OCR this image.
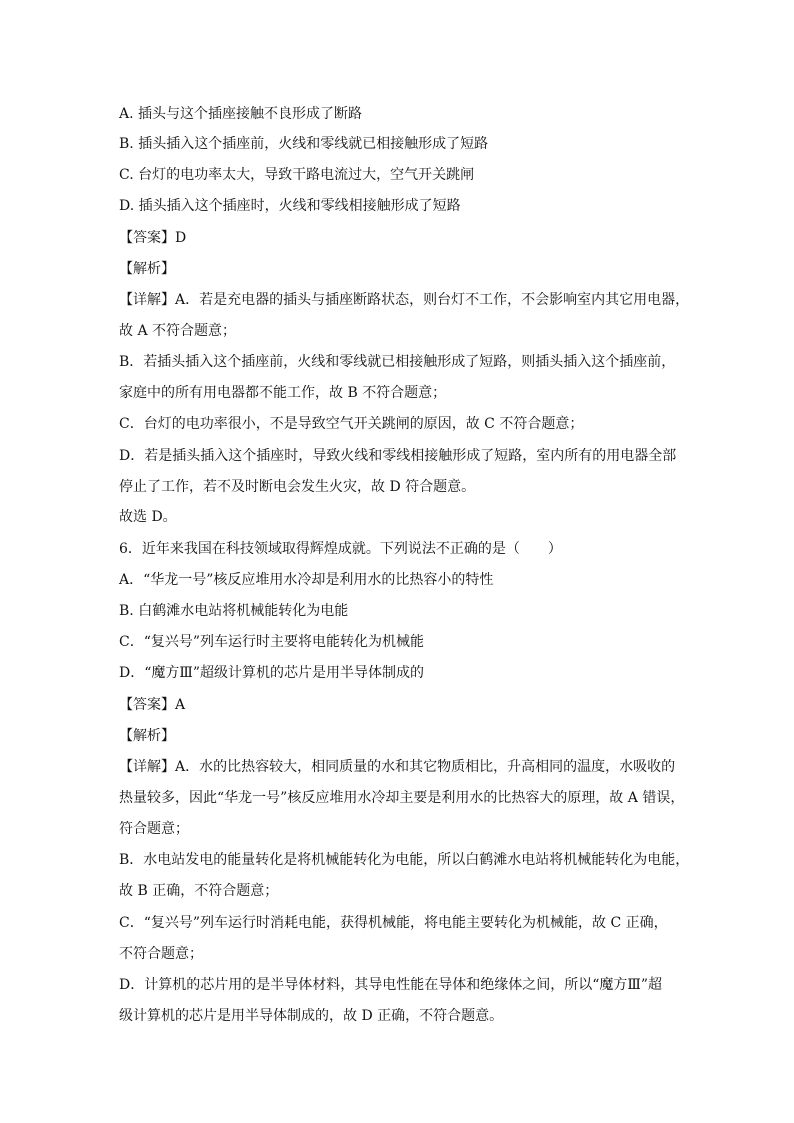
A. 插头与这个插座接触不良形成了断路
B. 插头插入这个插座前，火线和零线就已相接触形成了短路
C. 台灯的电功率太大，导致干路电流过大，空气开关跳闸
D. 插头插入这个插座时，火线和零线相接触形成了短路
【答案】D
【解析】
【详解】A．若是充电器的插头与插座断路状态，则台灯不工作，不会影响室内其它用电器，
故 A 不符合题意；
B．若插头插入这个插座前，火线和零线就已相接触形成了短路，则插头插入这个插座前，
家庭中的所有用电器都不能工作，故 B 不符合题意；
C．台灯的电功率很小，不是导致空气开关跳闸的原因，故 C 不符合题意；
D．若是插头插入这个插座时，导致火线和零线相接触形成了短路，室内所有的用电器全部
停止了工作，若不及时断电会发生火灾，故 D 符合题意。
故选 D。
6．近年来我国在科技领域取得辉煌成就。下列说法不正确的是（　　）
A．“华龙一号”核反应堆用水冷却是利用水的比热容小的特性
B. 白鹤滩水电站将机械能转化为电能
C．“复兴号”列车运行时主要将电能转化为机械能
D．“魔方Ⅲ”超级计算机的芯片是用半导体制成的
【答案】A
【解析】
【详解】A．水的比热容较大，相同质量的水和其它物质相比，升高相同的温度，水吸收的
热量较多，因此“华龙一号”核反应堆用水冷却主要是利用水的比热容大的原理，故 A 错误，
符合题意；
B．水电站发电的能量转化是将机械能转化为电能，所以白鹤滩水电站将机械能转化为电能，
故 B 正确，不符合题意；
C．“复兴号”列车运行时消耗电能，获得机械能，将电能主要转化为机械能，故 C 正确，
不符合题意；
D．计算机的芯片用的是半导体材料，其导电性能在导体和绝缘体之间，所以“魔方Ⅲ”超
级计算机的芯片是用半导体制成的，故 D 正确，不符合题意。
